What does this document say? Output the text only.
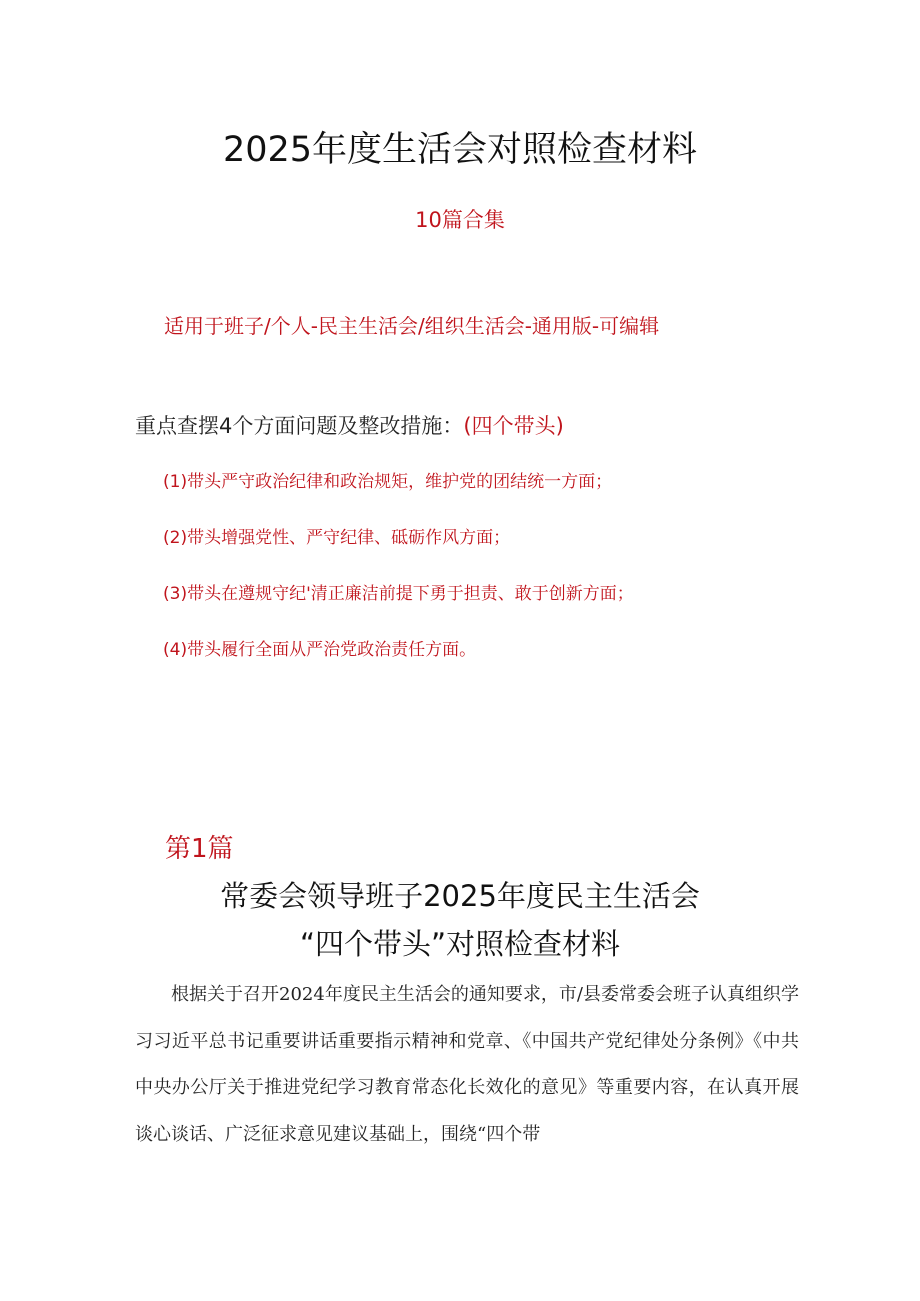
2025年度生活会对照检查材料
10篇合集
适用于班子/个人-民主生活会/组织生活会-通用版-可编辑
重点查摆4个方面问题及整改措施：(四个带头)
(1)带头严守政治纪律和政治规矩，维护党的团结统一方面；
(2)带头增强党性、严守纪律、砥砺作风方面；
(3)带头在遵规守纪'清正廉洁前提下勇于担责、敢于创新方面；
(4)带头履行全面从严治党政治责任方面。
第1篇
常委会领导班子2025年度民主生活会
“四个带头”对照检查材料

根据关于召开2024年度民主生活会的通知要求，市/县委常委会班子认真组织学习习近平总书记重要讲话重要指示精神和党章、《中国共产党纪律处分条例》《中共中央办公厅关于推进党纪学习教育常态化长效化的意见》等重要内容，在认真开展谈心谈话、广泛征求意见建议基础上，围绕“四个带
